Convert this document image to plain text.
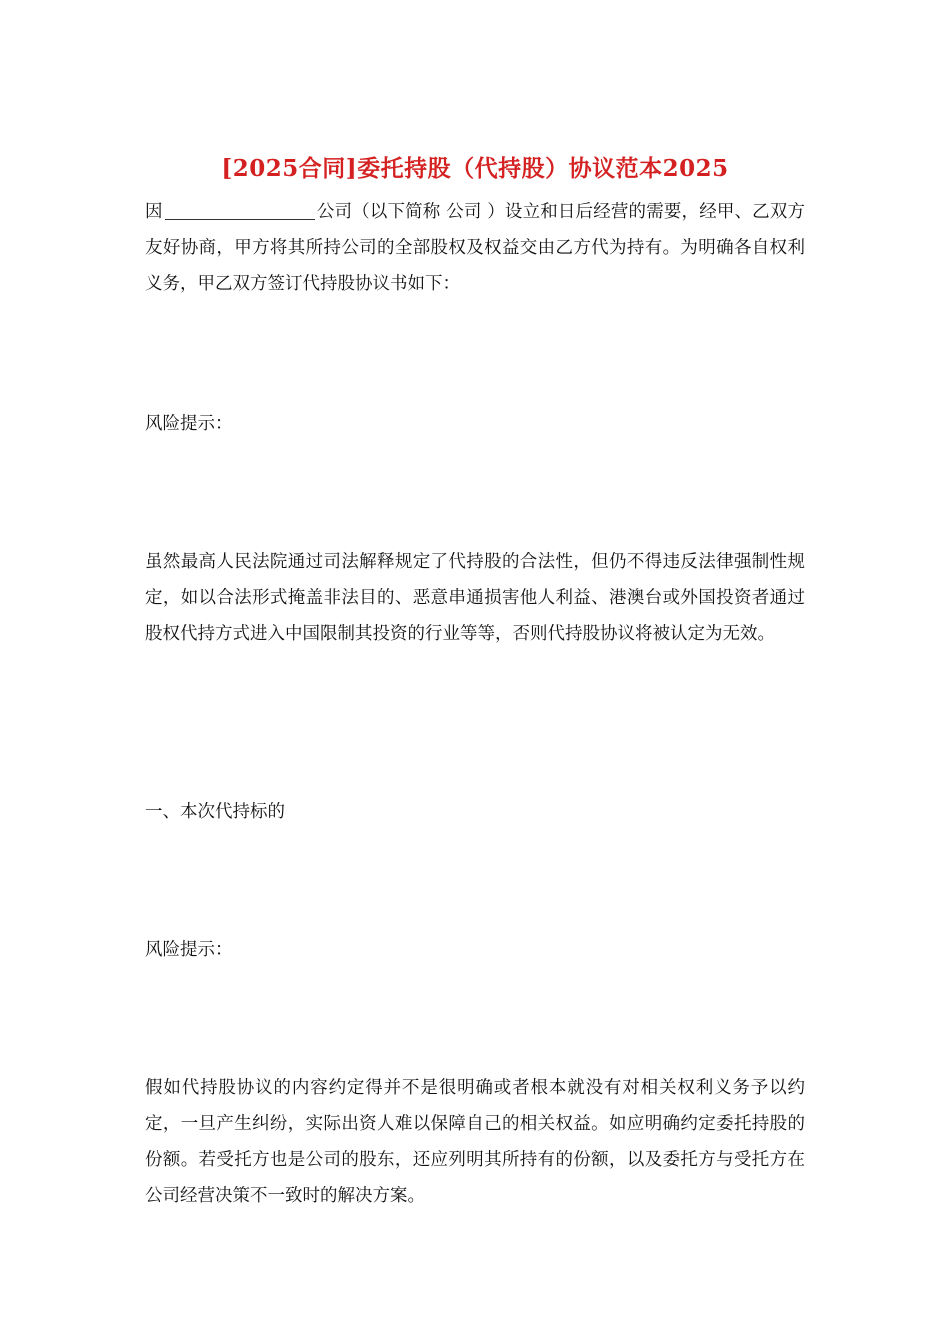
[2025合同]委托持股（代持股）协议范本2025

因	公司（以下简称 公司 ）设立和日后经营的需要，经甲、乙双方友好协商，甲方将其所持公司的全部股权及权益交由乙方代为持有。为明确各自权利义务，甲乙双方签订代持股协议书如下：

风险提示：

虽然最高人民法院通过司法解释规定了代持股的合法性，但仍不得违反法律强制性规定，如以合法形式掩盖非法目的、恶意串通损害他人利益、港澳台或外国投资者通过股权代持方式进入中国限制其投资的行业等等，否则代持股协议将被认定为无效。

一、本次代持标的

风险提示：

假如代持股协议的内容约定得并不是很明确或者根本就没有对相关权利义务予以约定，一旦产生纠纷，实际出资人难以保障自己的相关权益。如应明确约定委托持股的份额。若受托方也是公司的股东，还应列明其所持有的份额，以及委托方与受托方在公司经营决策不一致时的解决方案。
